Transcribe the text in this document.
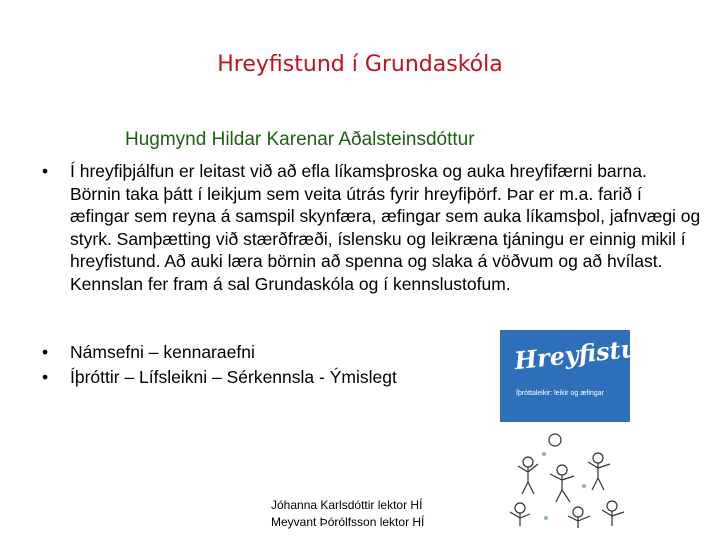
Hreyfistund í Grundaskóla
Hugmynd Hildar Karenar Aðalsteinsdóttur
• Í hreyfiþjálfun er leitast við að efla líkamsþroska og auka hreyfifærni barna. Börnin taka þátt í leikjum sem veita útrás fyrir hreyfiþörf. Þar er m.a. farið í æfingar sem reyna á samspil skynfæra, æfingar sem auka líkamsþol, jafnvægi og styrk. Samþætting við stærðfræði, íslensku og leikræna tjáningu er einnig mikil í hreyfistund. Að auki læra börnin að spenna og slaka á vöðvum og að hvílast. Kennslan fer fram á sal Grundaskóla og í kennslustofum.
• Námsefni – kennaraefni
• Íþróttir – Lífsleikni – Sérkennsla - Ýmislegt
Hreyfistund
Íþróttaleikir: leikir og æfingar
Jóhanna Karlsdóttir lektor HÍ
Meyvant Þórólfsson lektor HÍ
